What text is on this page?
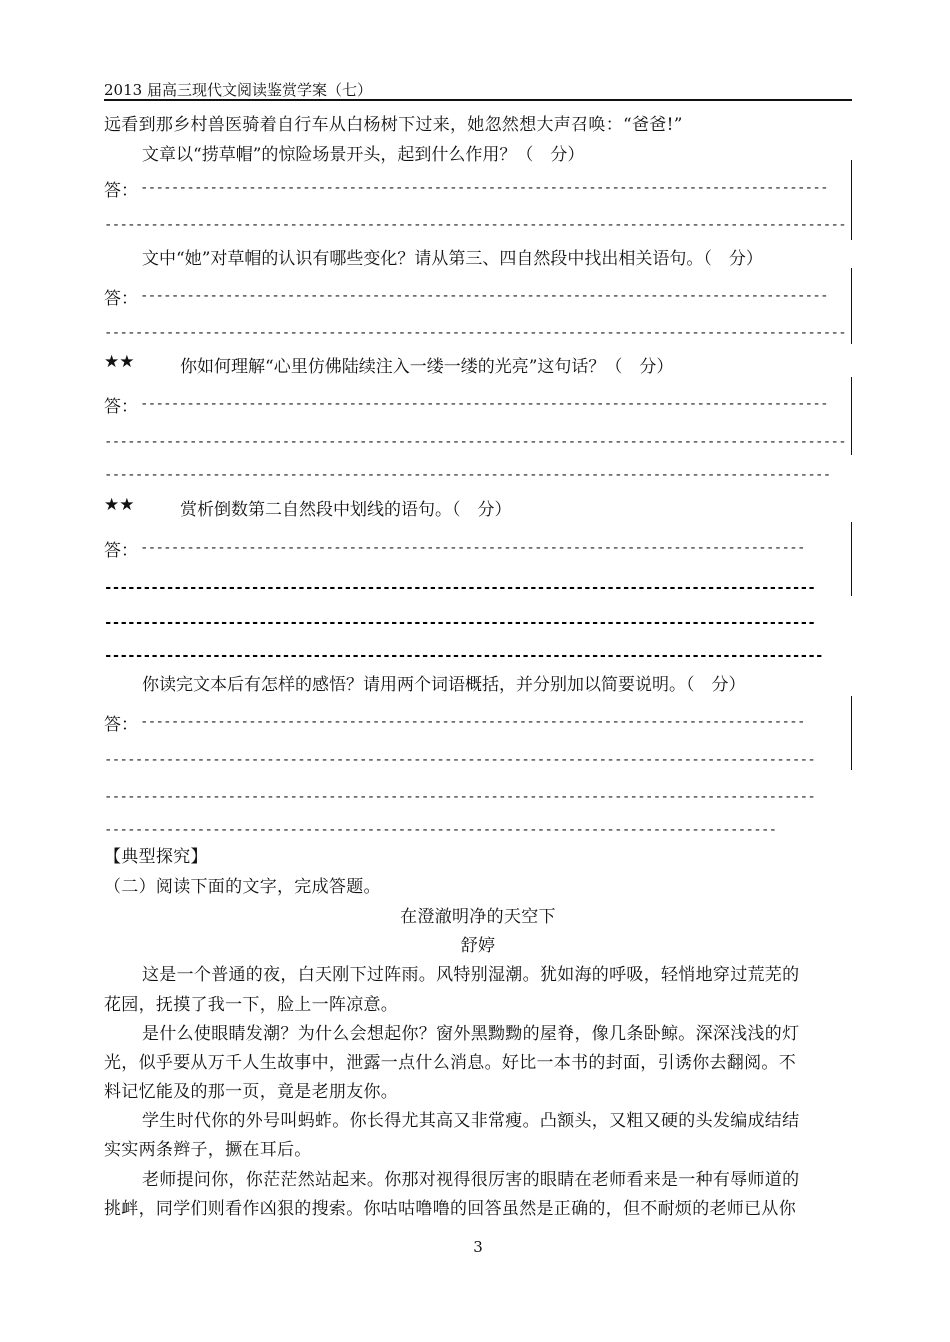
2013 届高三现代文阅读鉴赏学案（七）
远看到那乡村兽医骑着自行车从白杨树下过来，她忽然想大声召唤：“爸爸!”
文章以“捞草帽”的惊险场景开头，起到什么作用？（　分）
答： -----------------------------------------------------------------------------------------
------------------------------------------------------------------------------------------------
文中“她”对草帽的认识有哪些变化？请从第三、四自然段中找出相关语句。（　分）
答： -----------------------------------------------------------------------------------------
------------------------------------------------------------------------------------------------
★★	你如何理解“心里仿佛陆续注入一缕一缕的光亮”这句话？（　分）
答： -----------------------------------------------------------------------------------------
------------------------------------------------------------------------------------------------
----------------------------------------------------------------------------------------------
★★	赏析倒数第二自然段中划线的语句。（　分）
答： --------------------------------------------------------------------------------------
--------------------------------------------------------------------------------------------
--------------------------------------------------------------------------------------------
---------------------------------------------------------------------------------------------
你读完文本后有怎样的感悟？请用两个词语概括，并分别加以简要说明。（　分）
答： --------------------------------------------------------------------------------------
--------------------------------------------------------------------------------------------
--------------------------------------------------------------------------------------------
---------------------------------------------------------------------------------------
【典型探究】
（二）阅读下面的文字，完成答题。
在澄澈明净的天空下
舒婷
这是一个普通的夜，白天刚下过阵雨。风特别湿潮。犹如海的呼吸，轻悄地穿过荒芜的
花园，抚摸了我一下，脸上一阵凉意。
是什么使眼睛发潮？为什么会想起你？窗外黑黝黝的屋脊，像几条卧鲸。深深浅浅的灯
光，似乎要从万千人生故事中，泄露一点什么消息。好比一本书的封面，引诱你去翻阅。不
料记忆能及的那一页，竟是老朋友你。
学生时代你的外号叫蚂蚱。你长得尤其高又非常瘦。凸额头，又粗又硬的头发编成结结
实实两条辫子，撅在耳后。
老师提问你，你茫茫然站起来。你那对视得很厉害的眼睛在老师看来是一种有辱师道的
挑衅，同学们则看作凶狠的搜索。你咕咕噜噜的回答虽然是正确的，但不耐烦的老师已从你
3
